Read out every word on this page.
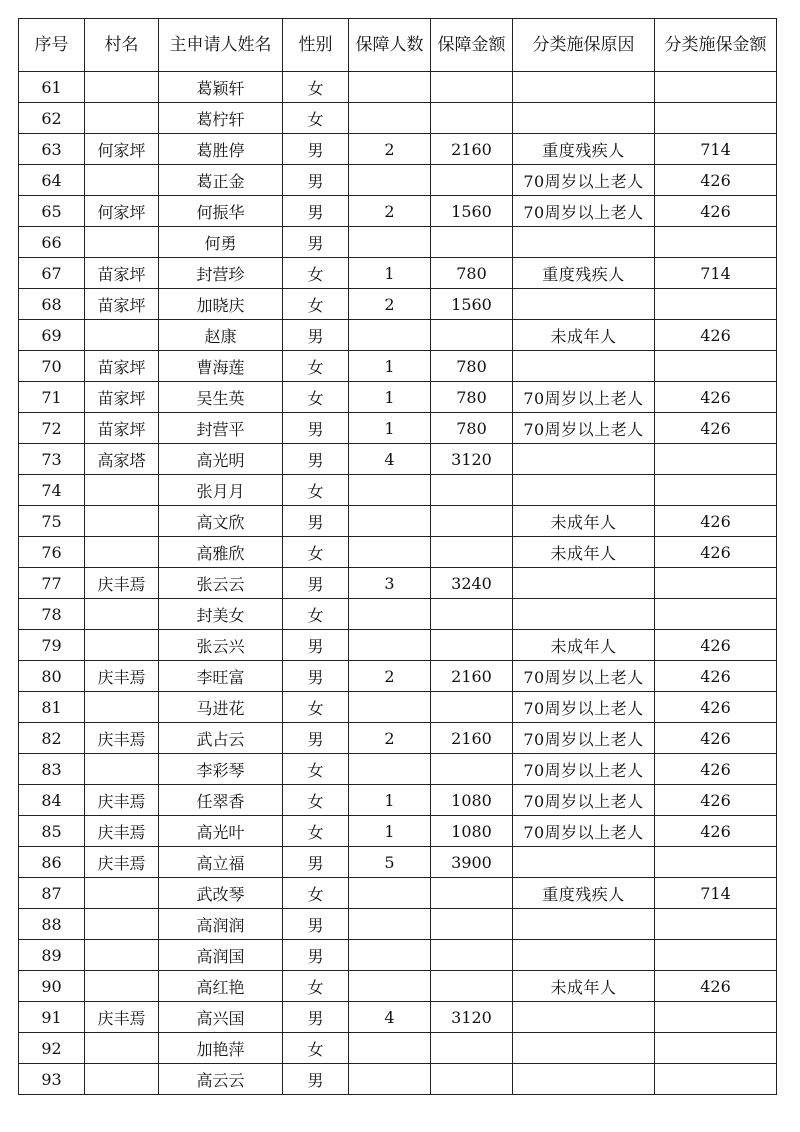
序号	村名	主申请人姓名	性别	保障人数	保障金额	分类施保原因	分类施保金额
61		葛颖轩	女				
62		葛柠轩	女				
63	何家坪	葛胜停	男	2	2160	重度残疾人	714
64		葛正金	男			70周岁以上老人	426
65	何家坪	何振华	男	2	1560	70周岁以上老人	426
66		何勇	男				
67	苗家坪	封营珍	女	1	780	重度残疾人	714
68	苗家坪	加晓庆	女	2	1560		
69		赵康	男			未成年人	426
70	苗家坪	曹海莲	女	1	780		
71	苗家坪	吴生英	女	1	780	70周岁以上老人	426
72	苗家坪	封营平	男	1	780	70周岁以上老人	426
73	高家塔	高光明	男	4	3120		
74		张月月	女				
75		高文欣	男			未成年人	426
76		高雅欣	女			未成年人	426
77	庆丰焉	张云云	男	3	3240		
78		封美女	女				
79		张云兴	男			未成年人	426
80	庆丰焉	李旺富	男	2	2160	70周岁以上老人	426
81		马进花	女			70周岁以上老人	426
82	庆丰焉	武占云	男	2	2160	70周岁以上老人	426
83		李彩琴	女			70周岁以上老人	426
84	庆丰焉	任翠香	女	1	1080	70周岁以上老人	426
85	庆丰焉	高光叶	女	1	1080	70周岁以上老人	426
86	庆丰焉	高立福	男	5	3900		
87		武改琴	女			重度残疾人	714
88		高润润	男				
89		高润国	男				
90		高红艳	女			未成年人	426
91	庆丰焉	高兴国	男	4	3120		
92		加艳萍	女				
93		高云云	男				
